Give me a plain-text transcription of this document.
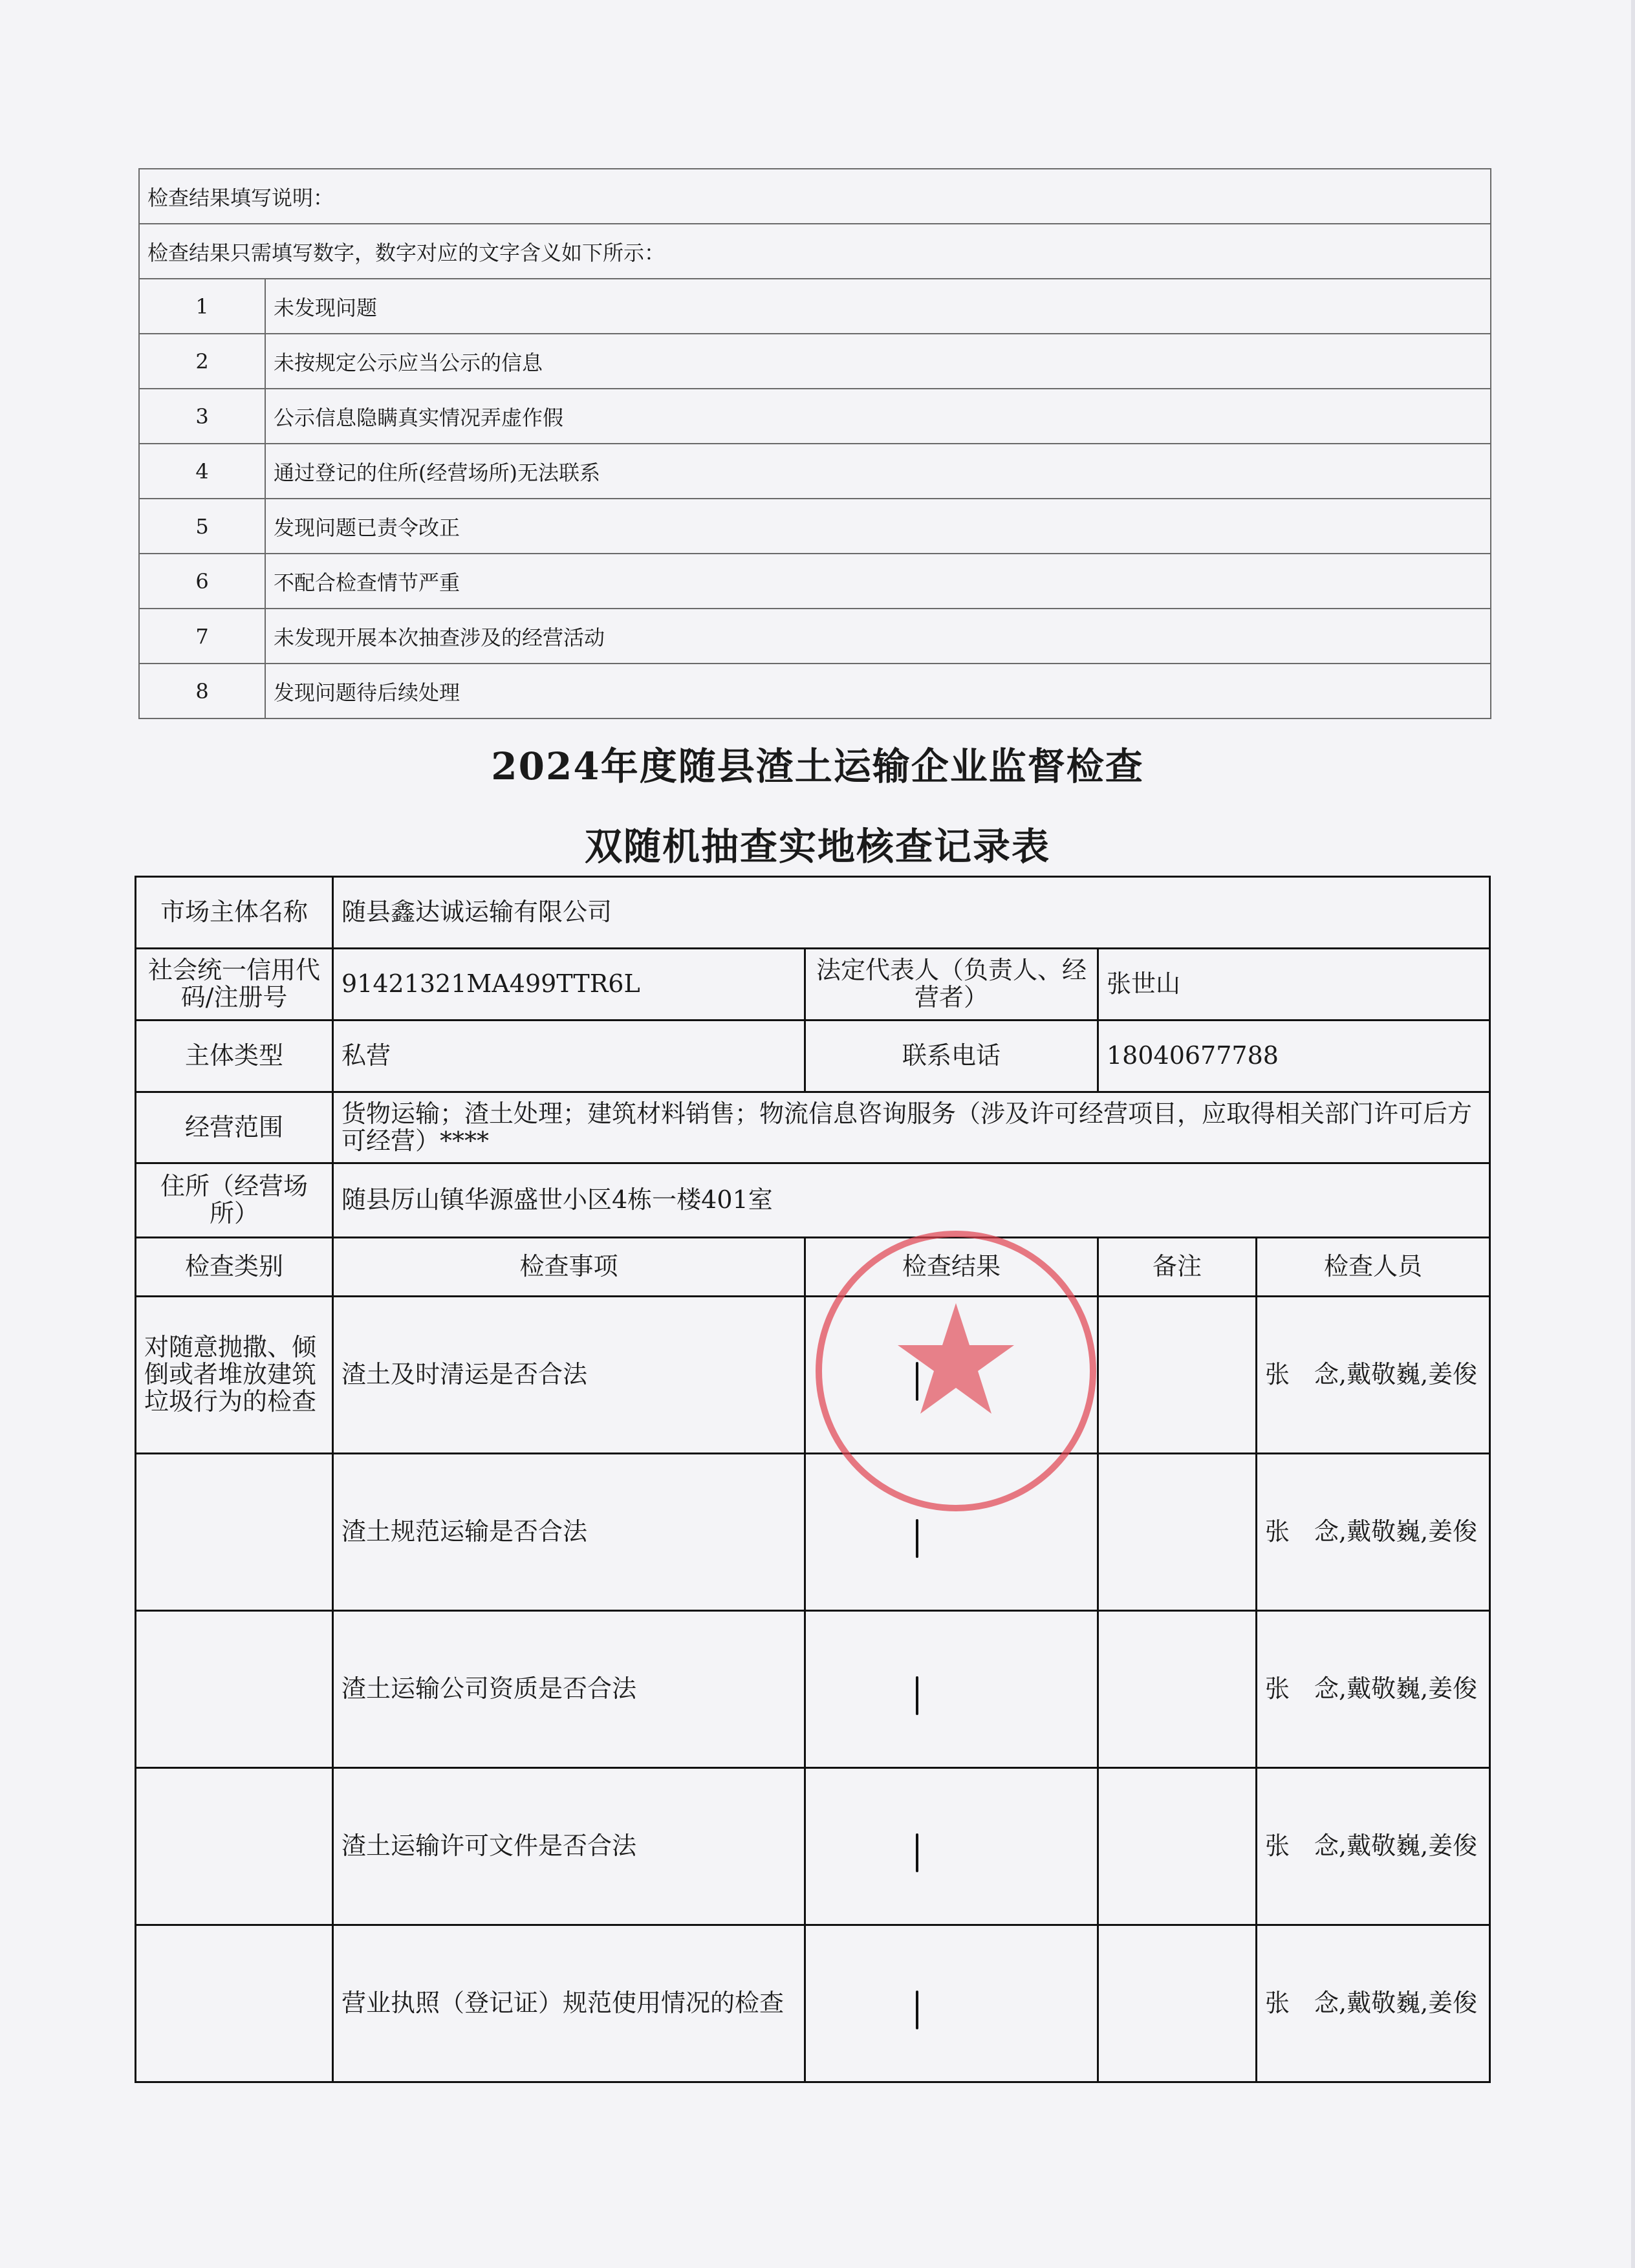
检查结果填写说明：	
检查结果只需填写数字，数字对应的文字含义如下所示：	
1	未发现问题
2	未按规定公示应当公示的信息
3	公示信息隐瞒真实情况弄虚作假
4	通过登记的住所(经营场所)无法联系
5	发现问题已责令改正
6	不配合检查情节严重
7	未发现开展本次抽查涉及的经营活动
8	发现问题待后续处理
2024年度随县渣土运输企业监督检查
双随机抽查实地核查记录表
市场主体名称	随县鑫达诚运输有限公司			
社会统一信用代码/注册号	91421321MA499TTR6L	法定代表人（负责人、经营者）	张世山	
主体类型	私营	联系电话	18040677788	
经营范围	货物运输；渣土处理；建筑材料销售；物流信息咨询服务（涉及许可经营项目，应取得相关部门许可后方可经营）****			
住所（经营场所）	随县厉山镇华源盛世小区4栋一楼401室			
检查类别	检查事项	检查结果	备注	检查人员
对随意抛撒、倾倒或者堆放建筑垃圾行为的检查	渣土及时清运是否合法			张　念,戴敬巍,姜俊
	渣土规范运输是否合法			张　念,戴敬巍,姜俊
	渣土运输公司资质是否合法			张　念,戴敬巍,姜俊
	渣土运输许可文件是否合法			张　念,戴敬巍,姜俊
	营业执照（登记证）规范使用情况的检查			张　念,戴敬巍,姜俊
